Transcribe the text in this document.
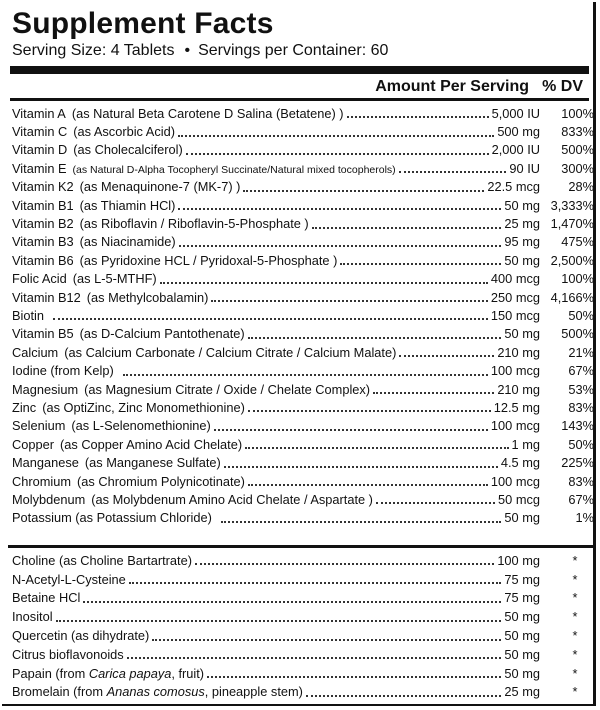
Supplement Facts
Serving Size: 4 Tablets • Servings per Container: 60
Amount Per Serving % DV
Vitamin A (as Natural Beta Carotene D Salina (Betatene) )	5,000 IU	100%
Vitamin C (as Ascorbic Acid)	500 mg	833%
Vitamin D (as Cholecalciferol)	2,000 IU	500%
Vitamin E (as Natural D-Alpha Tocopheryl Succinate/Natural mixed tocopherols)	90 IU	300%
Vitamin K2 (as Menaquinone-7 (MK-7) )	22.5 mcg	28%
Vitamin B1 (as Thiamin HCl)	50 mg 3,333%
Vitamin B2 (as Riboflavin / Riboflavin-5-Phosphate )	25 mg 1,470%
Vitamin B3 (as Niacinamide)	95 mg	475%
Vitamin B6 (as Pyridoxine HCL / Pyridoxal-5-Phosphate )	50 mg 2,500%
Folic Acid (as L-5-MTHF)	400 mcg	100%
Vitamin B12 (as Methylcobalamin)	250 mcg 4,166%
Biotin	150 mcg	50%
Vitamin B5 (as D-Calcium Pantothenate)	50 mg	500%
Calcium (as Calcium Carbonate / Calcium Citrate / Calcium Malate)	210 mg	21%
Iodine (from Kelp)	100 mcg	67%
Magnesium (as Magnesium Citrate / Oxide / Chelate Complex)	210 mg	53%
Zinc (as OptiZinc, Zinc Monomethionine)	12.5 mg	83%
Selenium (as L-Selenomethionine)	100 mcg	143%
Copper (as Copper Amino Acid Chelate)	1 mg	50%
Manganese (as Manganese Sulfate)	4.5 mg	225%
Chromium (as Chromium Polynicotinate)	100 mcg	83%
Molybdenum (as Molybdenum Amino Acid Chelate / Aspartate )	50 mcg	67%
Potassium (as Potassium Chloride)	50 mg	1%
Choline (as Choline Bartartrate)	100 mg	*
N-Acetyl-L-Cysteine	75 mg	*
Betaine HCl	75 mg	*
Inositol	50 mg	*
Quercetin (as dihydrate)	50 mg	*
Citrus bioflavonoids	50 mg	*
Papain (from Carica papaya, fruit)	50 mg	*
Bromelain (from Ananas comosus, pineapple stem)	25 mg	*
